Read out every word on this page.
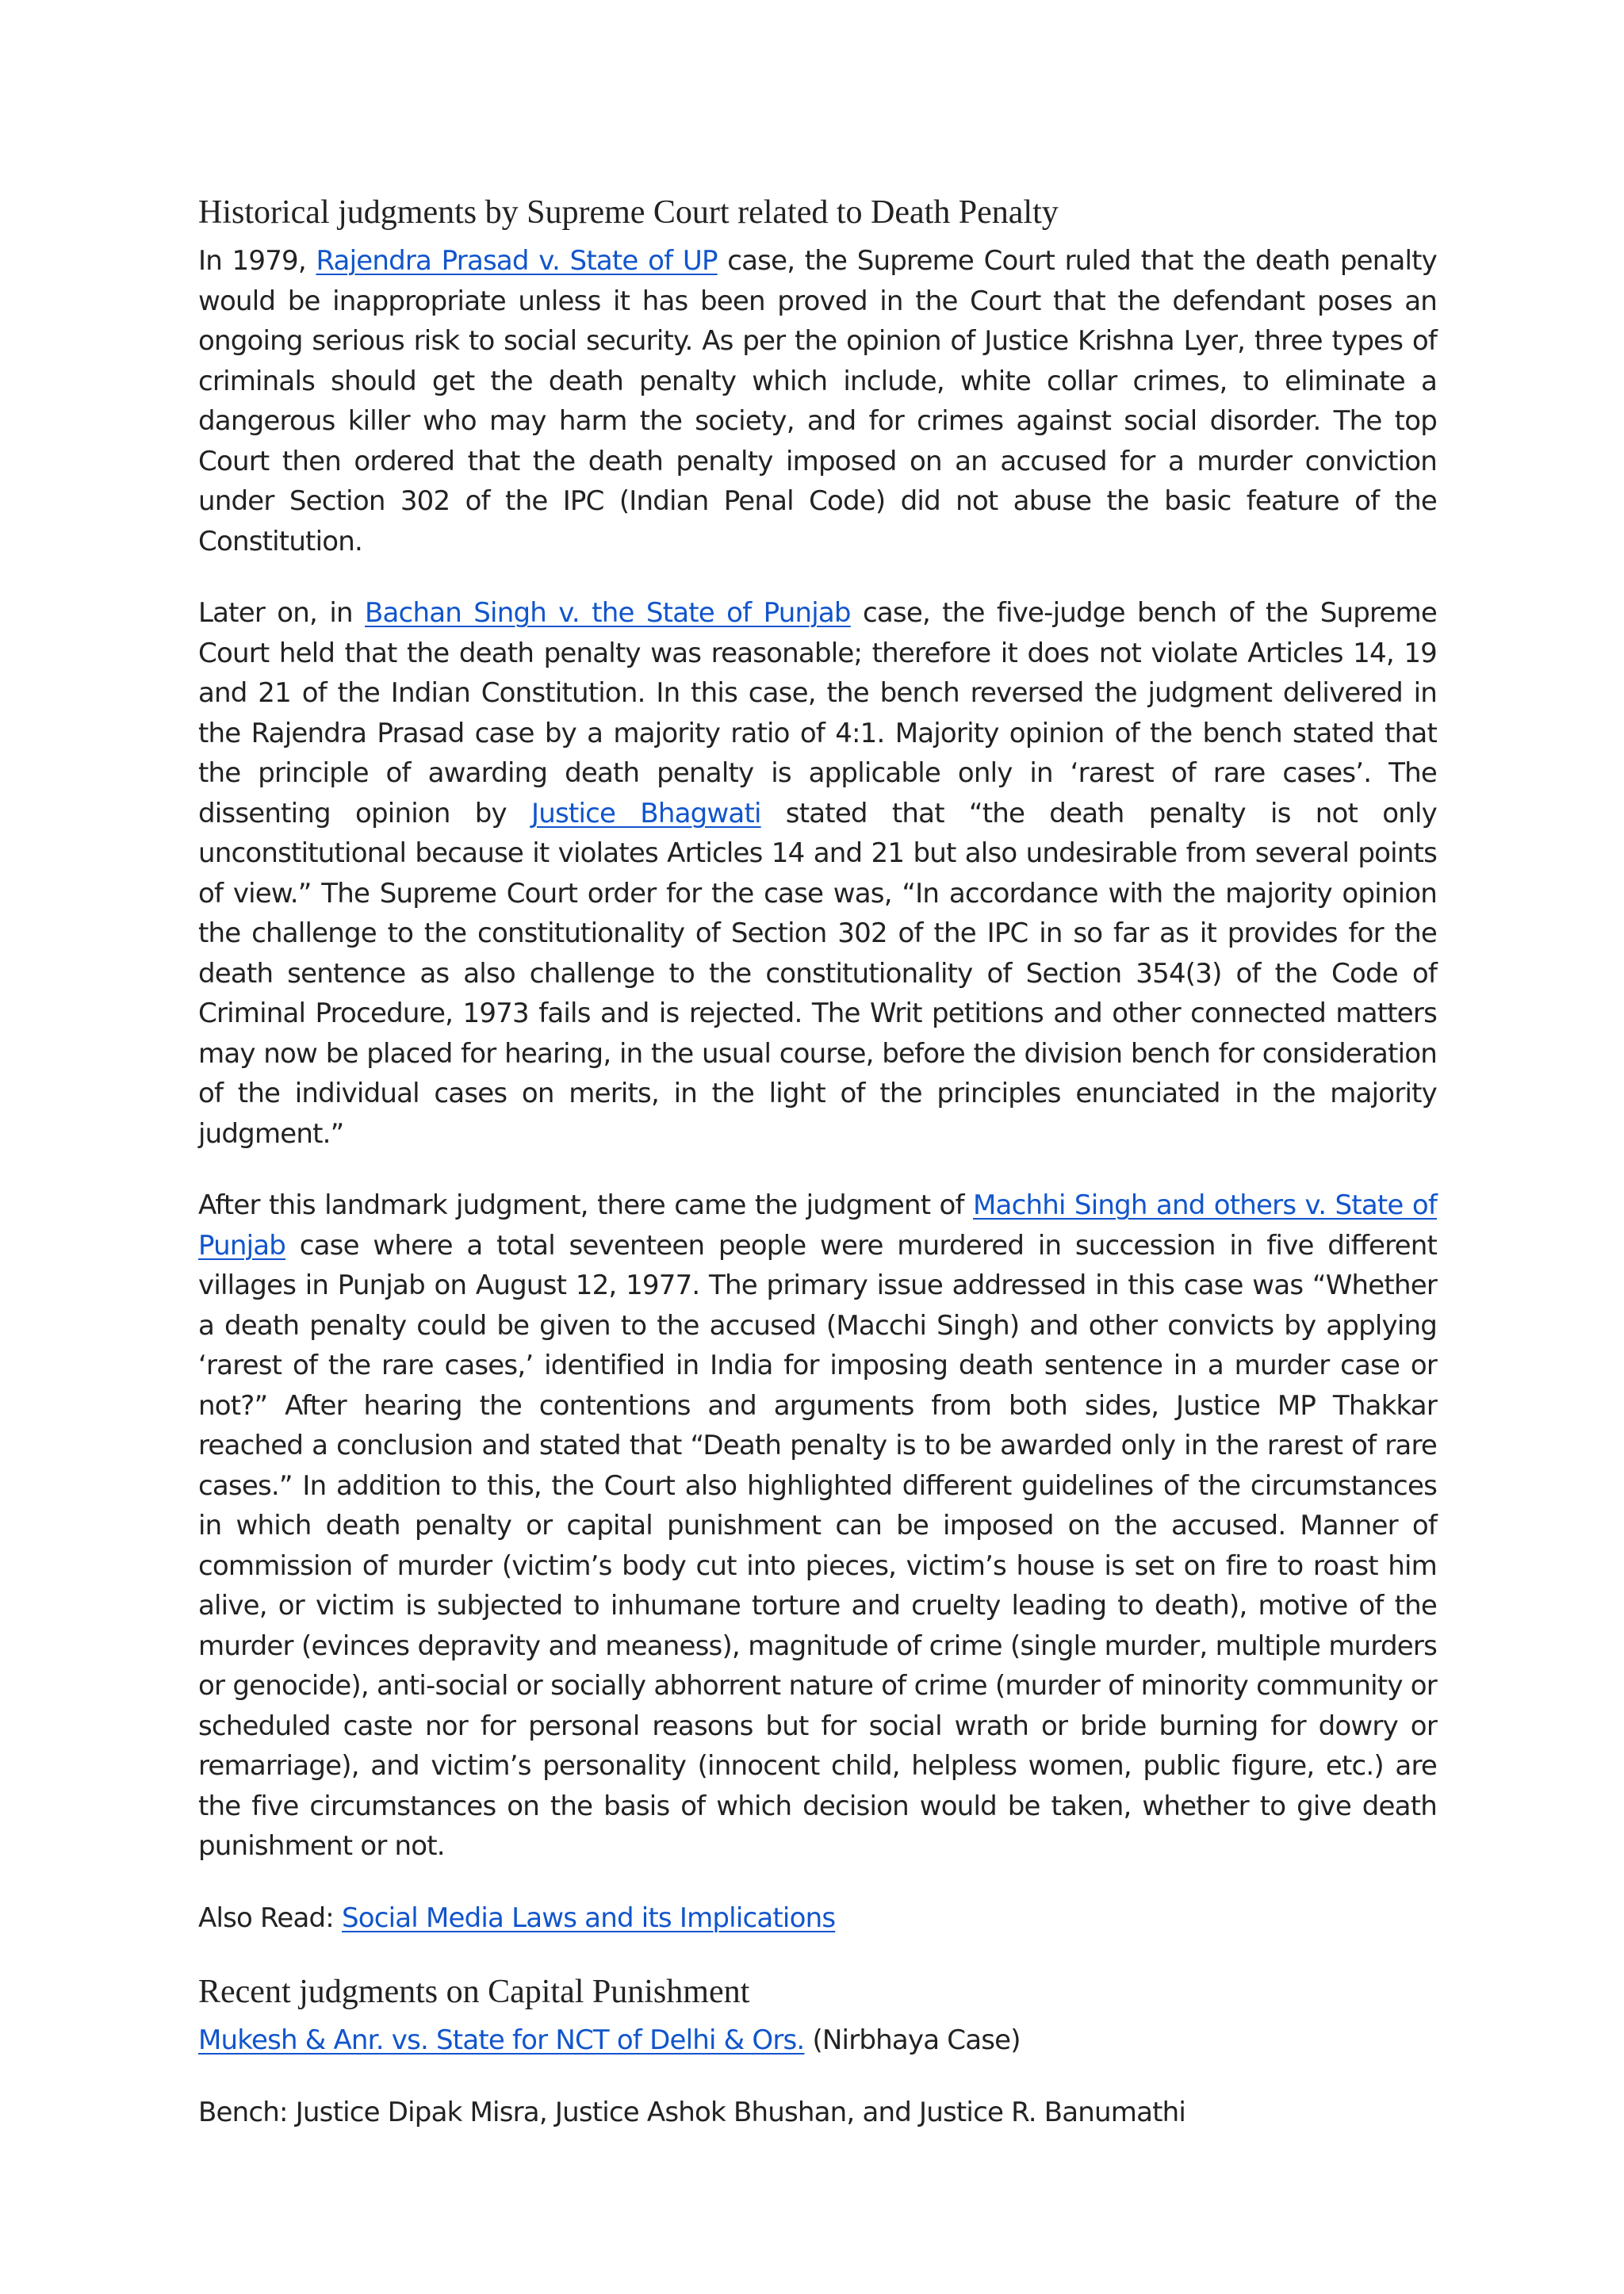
Historical judgments by Supreme Court related to Death Penalty

In 1979, Rajendra Prasad v. State of UP case, the Supreme Court ruled that the death penalty would be inappropriate unless it has been proved in the Court that the defendant poses an ongoing serious risk to social security. As per the opinion of Justice Krishna Lyer, three types of criminals should get the death penalty which include, white collar crimes, to eliminate a dangerous killer who may harm the society, and for crimes against social disorder. The top Court then ordered that the death penalty imposed on an accused for a murder conviction under Section 302 of the IPC (Indian Penal Code) did not abuse the basic feature of the Constitution.

Later on, in Bachan Singh v. the State of Punjab case, the five-judge bench of the Supreme Court held that the death penalty was reasonable; therefore it does not violate Articles 14, 19 and 21 of the Indian Constitution. In this case, the bench reversed the judgment delivered in the Rajendra Prasad case by a majority ratio of 4:1. Majority opinion of the bench stated that the principle of awarding death penalty is applicable only in ‘rarest of rare cases’. The dissenting opinion by Justice Bhagwati stated that “the death penalty is not only unconstitutional because it violates Articles 14 and 21 but also undesirable from several points of view.” The Supreme Court order for the case was, “In accordance with the majority opinion the challenge to the constitutionality of Section 302 of the IPC in so far as it provides for the death sentence as also challenge to the constitutionality of Section 354(3) of the Code of Criminal Procedure, 1973 fails and is rejected. The Writ petitions and other connected matters may now be placed for hearing, in the usual course, before the division bench for consideration of the individual cases on merits, in the light of the principles enunciated in the majority judgment.”

After this landmark judgment, there came the judgment of Machhi Singh and others v. State of Punjab case where a total seventeen people were murdered in succession in five different villages in Punjab on August 12, 1977. The primary issue addressed in this case was “Whether a death penalty could be given to the accused (Macchi Singh) and other convicts by applying ‘rarest of the rare cases,’ identified in India for imposing death sentence in a murder case or not?” After hearing the contentions and arguments from both sides, Justice MP Thakkar reached a conclusion and stated that “Death penalty is to be awarded only in the rarest of rare cases.” In addition to this, the Court also highlighted different guidelines of the circumstances in which death penalty or capital punishment can be imposed on the accused. Manner of commission of murder (victim’s body cut into pieces, victim’s house is set on fire to roast him alive, or victim is subjected to inhumane torture and cruelty leading to death), motive of the murder (evinces depravity and meaness), magnitude of crime (single murder, multiple murders or genocide), anti-social or socially abhorrent nature of crime (murder of minority community or scheduled caste nor for personal reasons but for social wrath or bride burning for dowry or remarriage), and victim’s personality (innocent child, helpless women, public figure, etc.) are the five circumstances on the basis of which decision would be taken, whether to give death punishment or not.

Also Read: Social Media Laws and its Implications

Recent judgments on Capital Punishment

Mukesh & Anr. vs. State for NCT of Delhi & Ors. (Nirbhaya Case)

Bench: Justice Dipak Misra, Justice Ashok Bhushan, and Justice R. Banumathi
